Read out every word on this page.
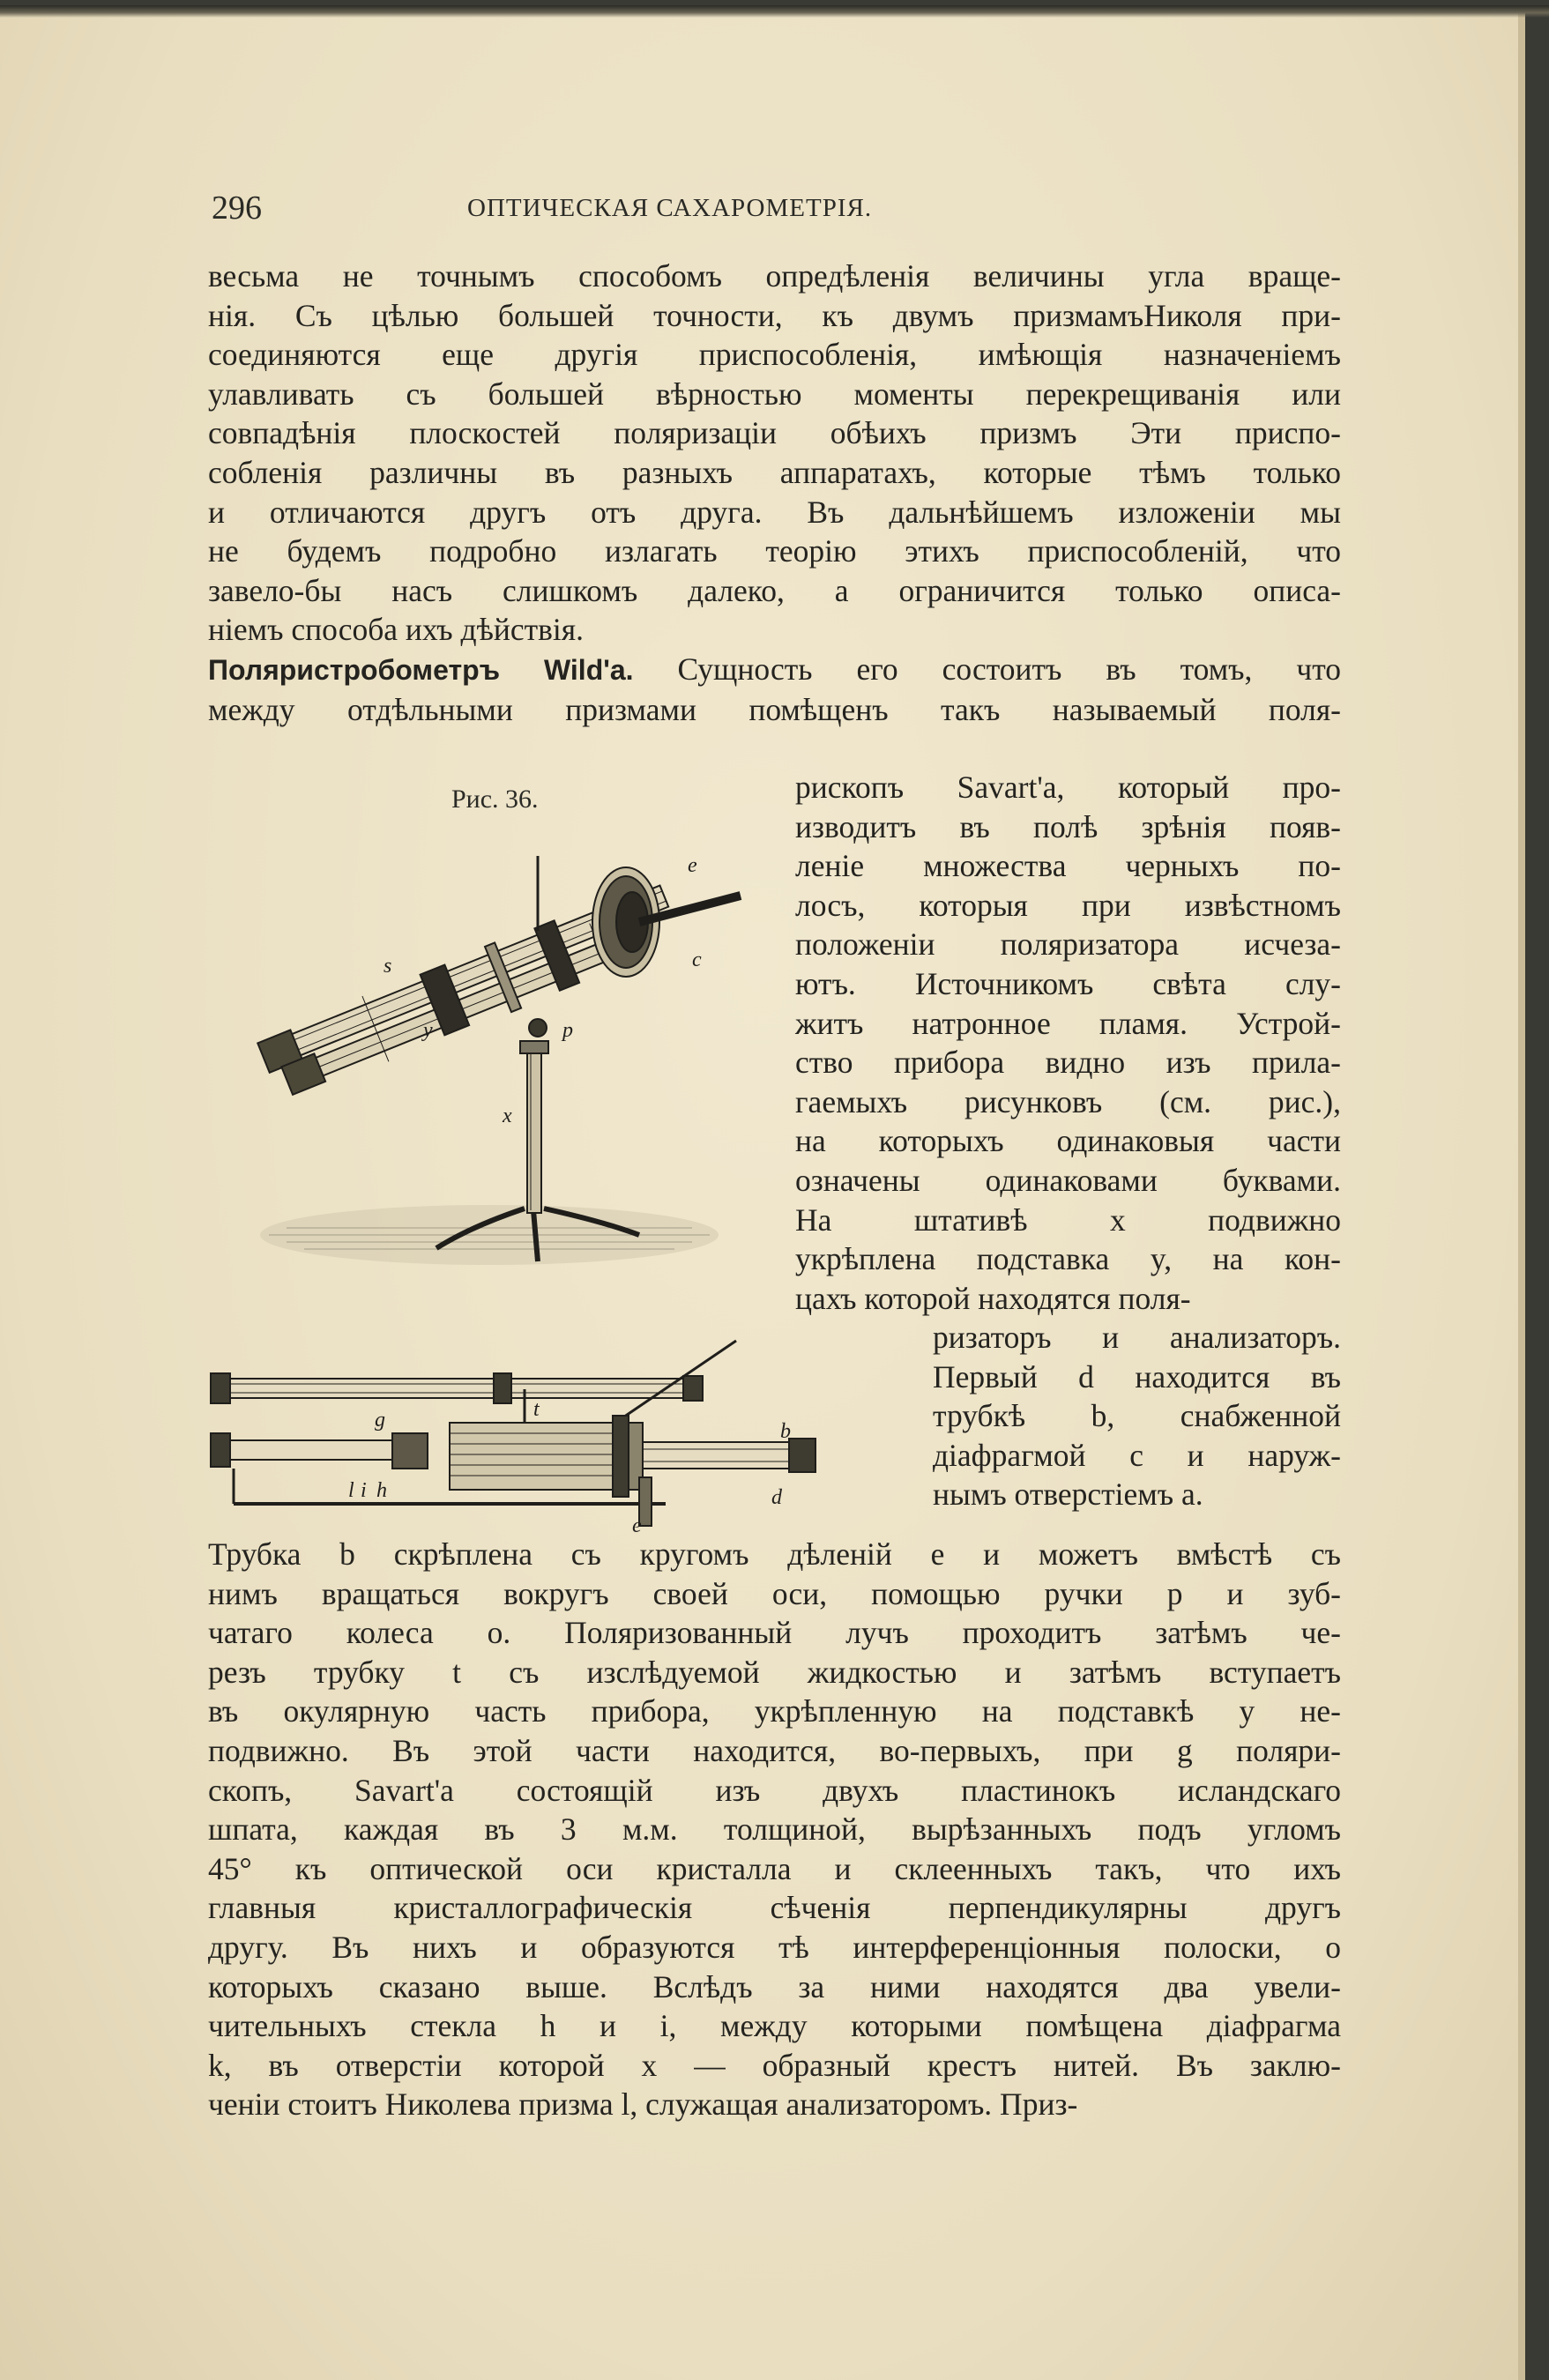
296	ОПТИЧЕСКАЯ САХАРОМЕТРІЯ.
весьма не точнымъ способомъ опредѣленія величины угла враще-
нія. Съ цѣлью большей точности, къ двумъ призмамъНиколя при-
соединяются еще другія приспособленія, имѣющія назначеніемъ
улавливать съ большей вѣрностью моменты перекрещиванія или
совпадѣнія плоскостей поляризаціи обѣихъ призмъ Эти приспо-
собленія различны въ разныхъ аппаратахъ, которые тѣмъ только
и отличаются другъ отъ друга. Въ дальнѣйшемъ изложеніи мы
не будемъ подробно излагать теорію этихъ приспособленій, что
завело-бы насъ слишкомъ далеко, а ограничится только описа-
ніемъ способа ихъ дѣйствія.
Поляристробометръ Wild'a. Сущность его состоитъ въ томъ, что
между отдѣльными призмами помѣщенъ такъ называемый поля-
рископъ Savart'а, который про-
изводитъ въ полѣ зрѣнія появ-
леніе множества черныхъ по-
лосъ, которыя при извѣстномъ
положеніи поляризатора исчеза-
ютъ. Источникомъ свѣта слу-
житъ натронное пламя. Устрой-
ство прибора видно изъ прила-
гаемыхъ рисунковъ (см. рис.),
на которыхъ одинаковыя части
означены одинаковами буквами.
На штативѣ x подвижно
укрѣплена подставка y, на кон-
цахъ которой находятся поля-
ризаторъ и анализаторъ.
Первый d находится въ
трубкѣ b, снабженной
діафрагмой c и наруж-
нымъ отверстіемъ a.
Трубка b скрѣплена съ кругомъ дѣленій e и можетъ вмѣстѣ съ
нимъ вращаться вокругъ своей оси, помощью ручки p и зуб-
чатаго колеса o. Поляризованный лучъ проходитъ затѣмъ че-
резъ трубку t съ изслѣдуемой жидкостью и затѣмъ вступаетъ
въ окулярную часть прибора, укрѣпленную на подставкѣ y не-
подвижно. Въ этой части находится, во-первыхъ, при g поляри-
скопъ, Savart'а состоящій изъ двухъ пластинокъ исландскаго
шпата, каждая въ 3 м.м. толщиной, вырѣзанныхъ подъ угломъ
45° къ оптической оси кристалла и склеенныхъ такъ, что ихъ
главныя кристаллографическія сѣченія перпендикулярны другъ
другу. Въ нихъ и образуются тѣ интерференціонныя полоски, о
которыхъ сказано выше. Вслѣдъ за ними находятся два увели-
чительныхъ стекла h и i, между которыми помѣщена діафрагма
k, въ отверстіи которой x — образный крестъ нитей. Въ заклю-
ченіи стоитъ Николева призма l, служащая анализаторомъ. Приз-
Рис. 36.
e
s	c
y	p
x
g	t
b
l i h
e
d
